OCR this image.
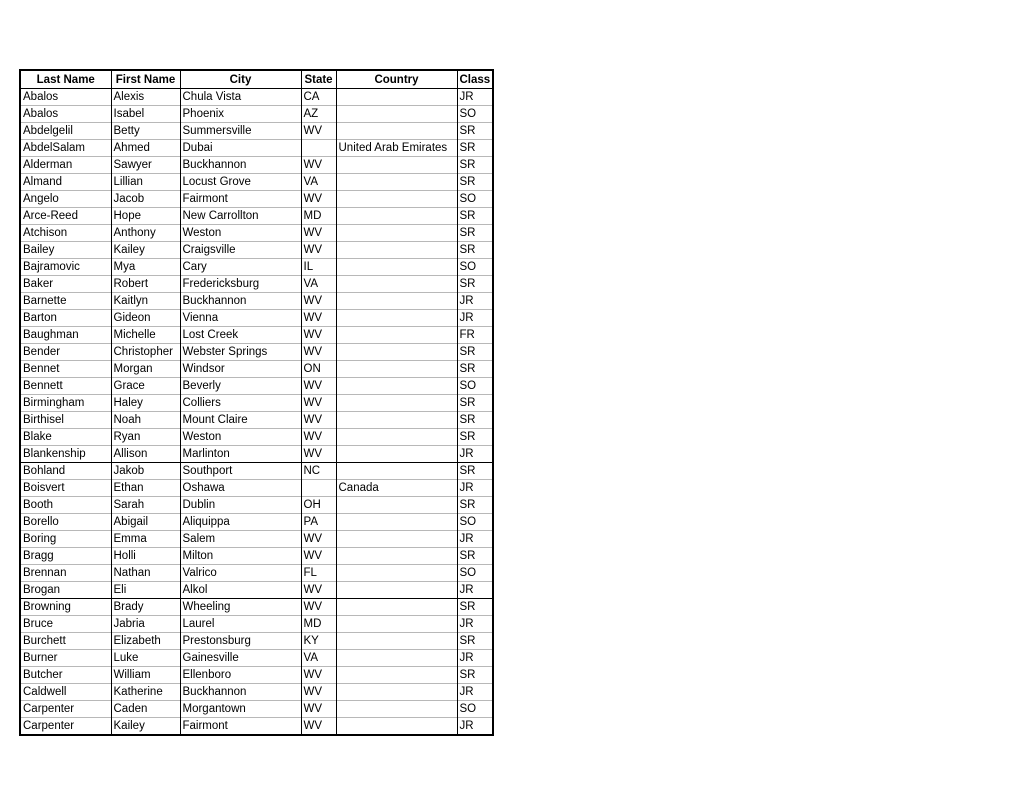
Last Name	First Name	City	State	Country	Class
Abalos	Alexis	Chula Vista	CA		JR
Abalos	Isabel	Phoenix	AZ		SO
Abdelgelil	Betty	Summersville	WV		SR
AbdelSalam	Ahmed	Dubai		United Arab Emirates	SR
Alderman	Sawyer	Buckhannon	WV		SR
Almand	Lillian	Locust Grove	VA		SR
Angelo	Jacob	Fairmont	WV		SO
Arce-Reed	Hope	New Carrollton	MD		SR
Atchison	Anthony	Weston	WV		SR
Bailey	Kailey	Craigsville	WV		SR
Bajramovic	Mya	Cary	IL		SO
Baker	Robert	Fredericksburg	VA		SR
Barnette	Kaitlyn	Buckhannon	WV		JR
Barton	Gideon	Vienna	WV		JR
Baughman	Michelle	Lost Creek	WV		FR
Bender	Christopher	Webster Springs	WV		SR
Bennet	Morgan	Windsor	ON		SR
Bennett	Grace	Beverly	WV		SO
Birmingham	Haley	Colliers	WV		SR
Birthisel	Noah	Mount Claire	WV		SR
Blake	Ryan	Weston	WV		SR
Blankenship	Allison	Marlinton	WV		JR
Bohland	Jakob	Southport	NC		SR
Boisvert	Ethan	Oshawa		Canada	JR
Booth	Sarah	Dublin	OH		SR
Borello	Abigail	Aliquippa	PA		SO
Boring	Emma	Salem	WV		JR
Bragg	Holli	Milton	WV		SR
Brennan	Nathan	Valrico	FL		SO
Brogan	Eli	Alkol	WV		JR
Browning	Brady	Wheeling	WV		SR
Bruce	Jabria	Laurel	MD		JR
Burchett	Elizabeth	Prestonsburg	KY		SR
Burner	Luke	Gainesville	VA		JR
Butcher	William	Ellenboro	WV		SR
Caldwell	Katherine	Buckhannon	WV		JR
Carpenter	Caden	Morgantown	WV		SO
Carpenter	Kailey	Fairmont	WV		JR
